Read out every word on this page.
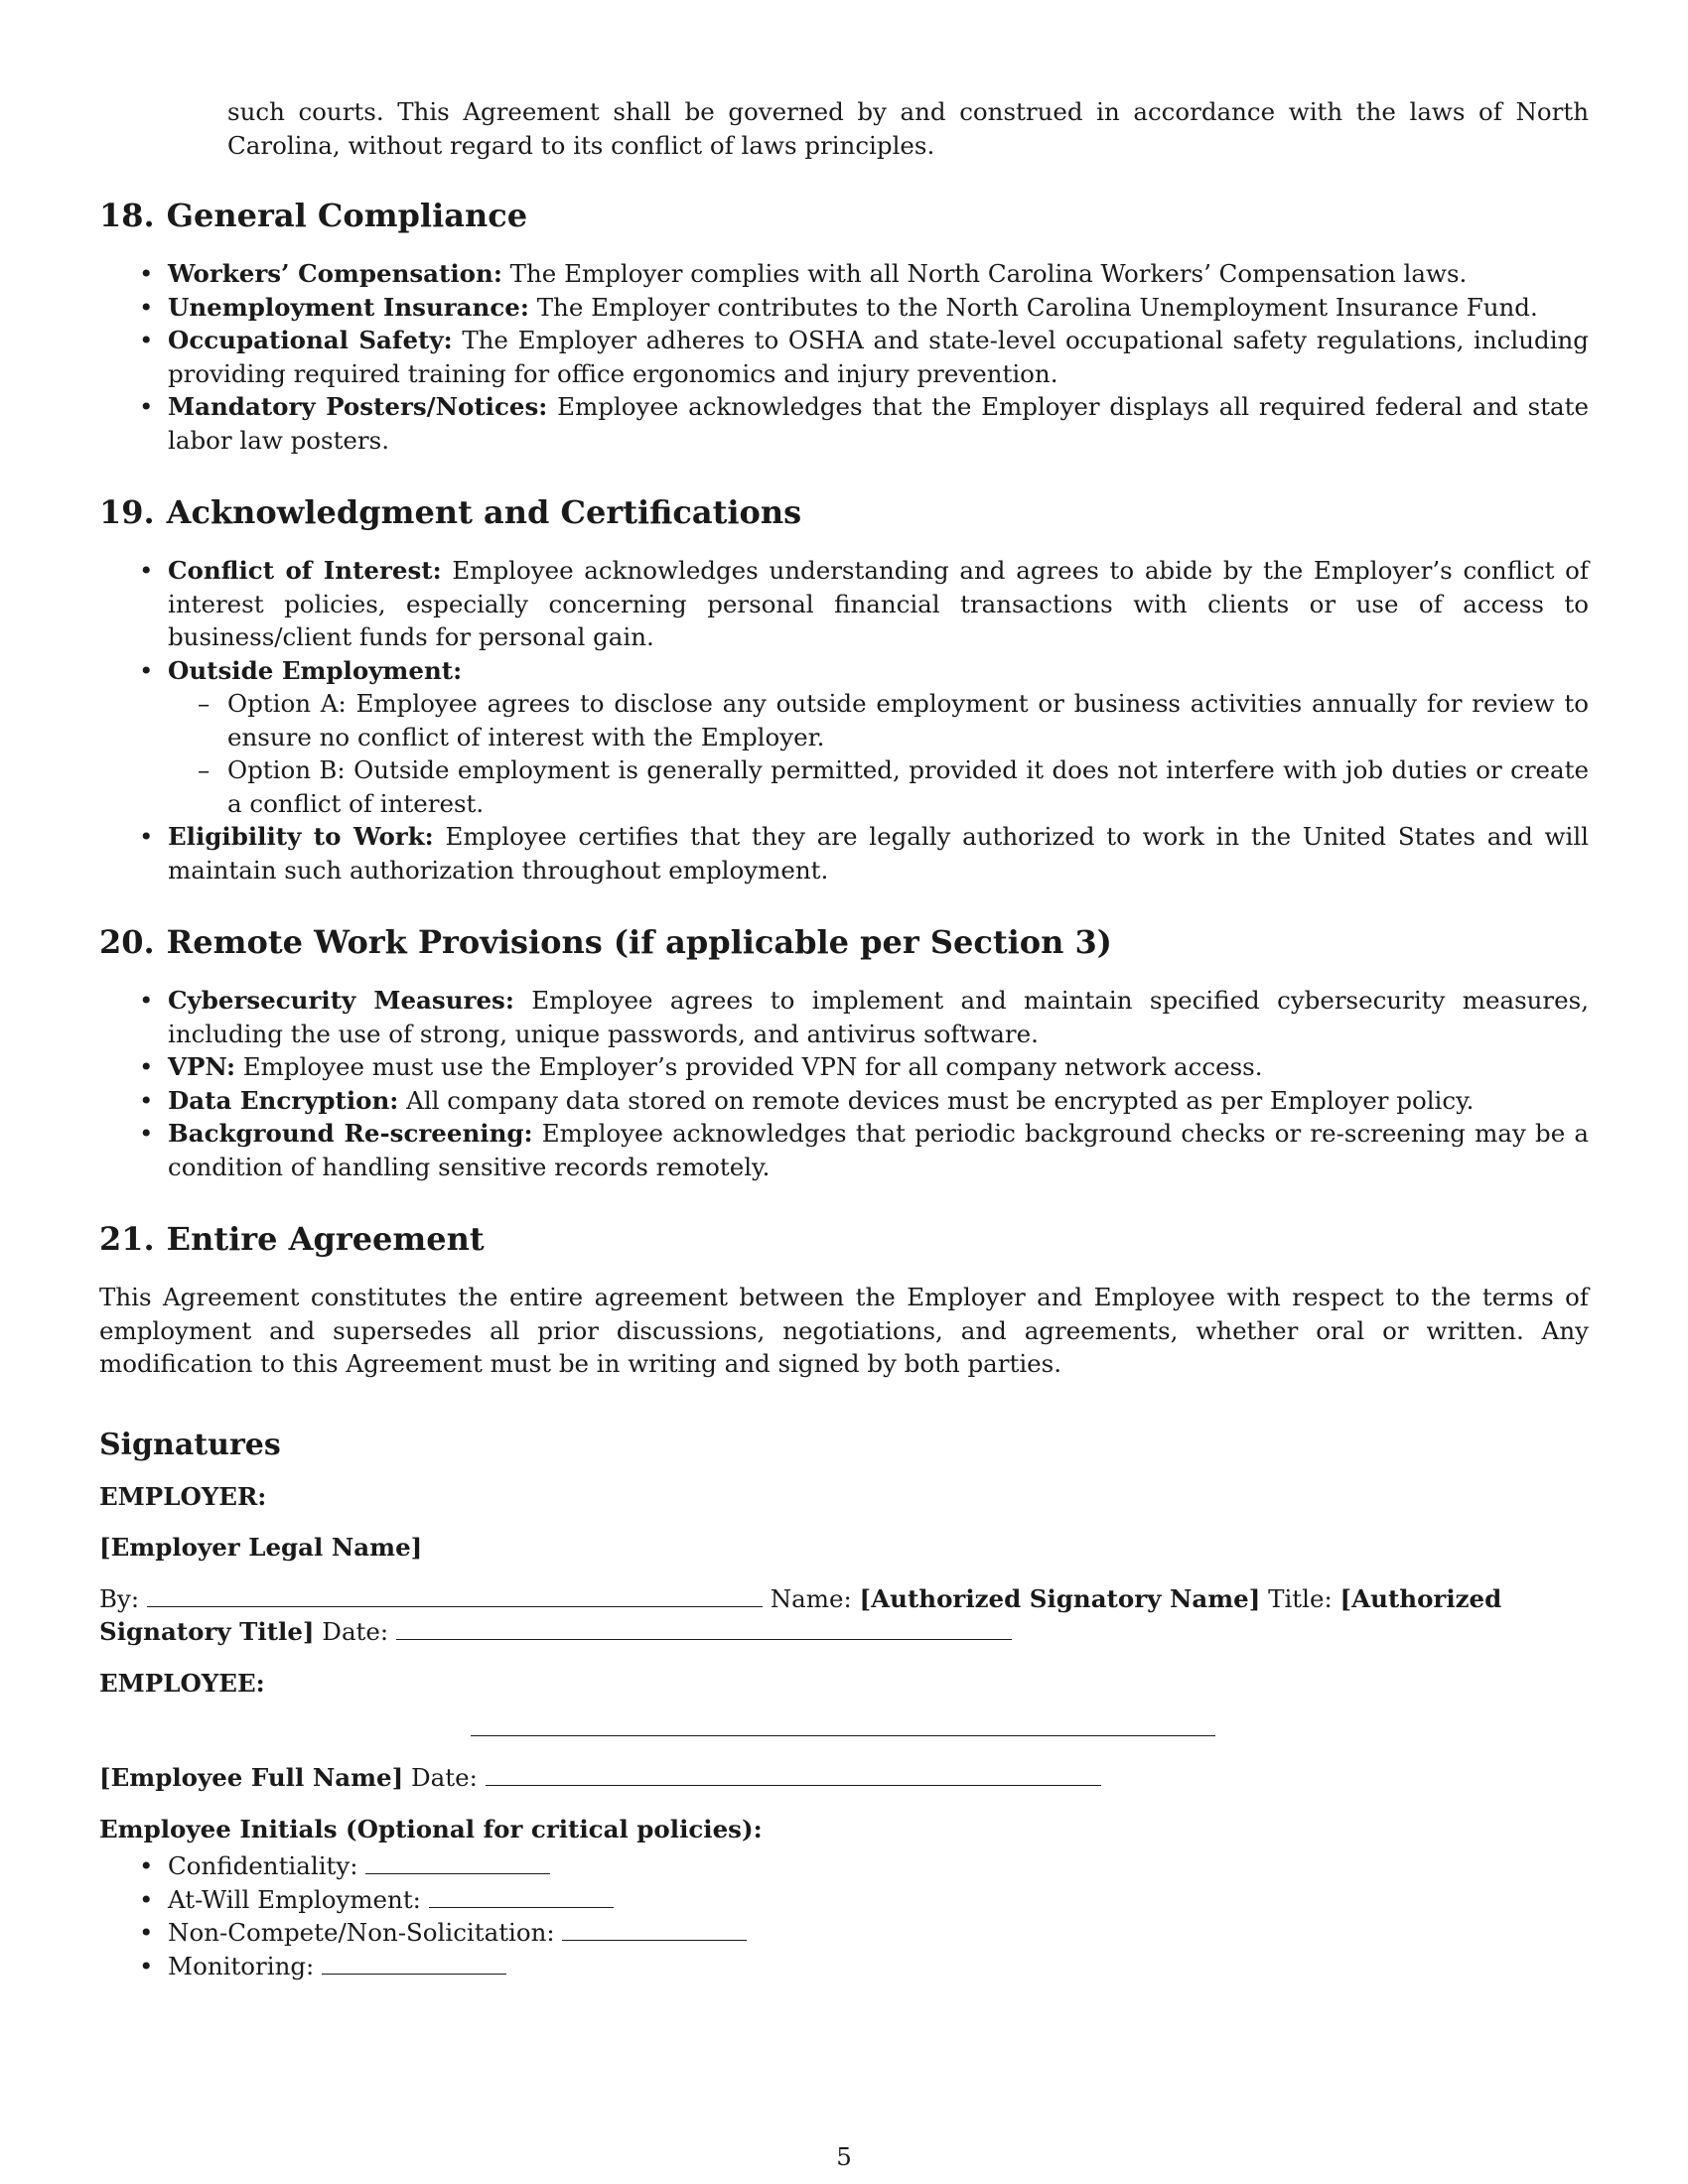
such courts. This Agreement shall be governed by and construed in accordance with the laws of North Carolina, without regard to its conflict of laws principles.

18. General Compliance
• Workers’ Compensation: The Employer complies with all North Carolina Workers’ Compensation laws.
• Unemployment Insurance: The Employer contributes to the North Carolina Unemployment Insurance Fund.
• Occupational Safety: The Employer adheres to OSHA and state-level occupational safety regulations, including providing required training for office ergonomics and injury prevention.
• Mandatory Posters/Notices: Employee acknowledges that the Employer displays all required federal and state labor law posters.
19. Acknowledgment and Certifications
• Conflict of Interest: Employee acknowledges understanding and agrees to abide by the Employer’s conflict of interest policies, especially concerning personal financial transactions with clients or use of access to business/client funds for personal gain.
• Outside Employment:
– Option A: Employee agrees to disclose any outside employment or business activities annually for review to ensure no conflict of interest with the Employer.
– Option B: Outside employment is generally permitted, provided it does not interfere with job duties or create a conflict of interest.
• Eligibility to Work: Employee certifies that they are legally authorized to work in the United States and will maintain such authorization throughout employment.
20. Remote Work Provisions (if applicable per Section 3)
• Cybersecurity Measures: Employee agrees to implement and maintain specified cybersecurity measures, including the use of strong, unique passwords, and antivirus software.
• VPN: Employee must use the Employer’s provided VPN for all company network access.
• Data Encryption: All company data stored on remote devices must be encrypted as per Employer policy.
• Background Re-screening: Employee acknowledges that periodic background checks or re-screening may be a condition of handling sensitive records remotely.
21. Entire Agreement

This Agreement constitutes the entire agreement between the Employer and Employee with respect to the terms of employment and supersedes all prior discussions, negotiations, and agreements, whether oral or written. Any modification to this Agreement must be in writing and signed by both parties.

Signatures

EMPLOYER:

[Employer Legal Name]

By:	Name: [Authorized Signatory Name] Title: [Authorized Signatory Title] Date:

EMPLOYEE:

[Employee Full Name] Date:

Employee Initials (Optional for critical policies):

• Confidentiality:
• At-Will Employment:
• Non-Compete/Non-Solicitation:
• Monitoring:
5
